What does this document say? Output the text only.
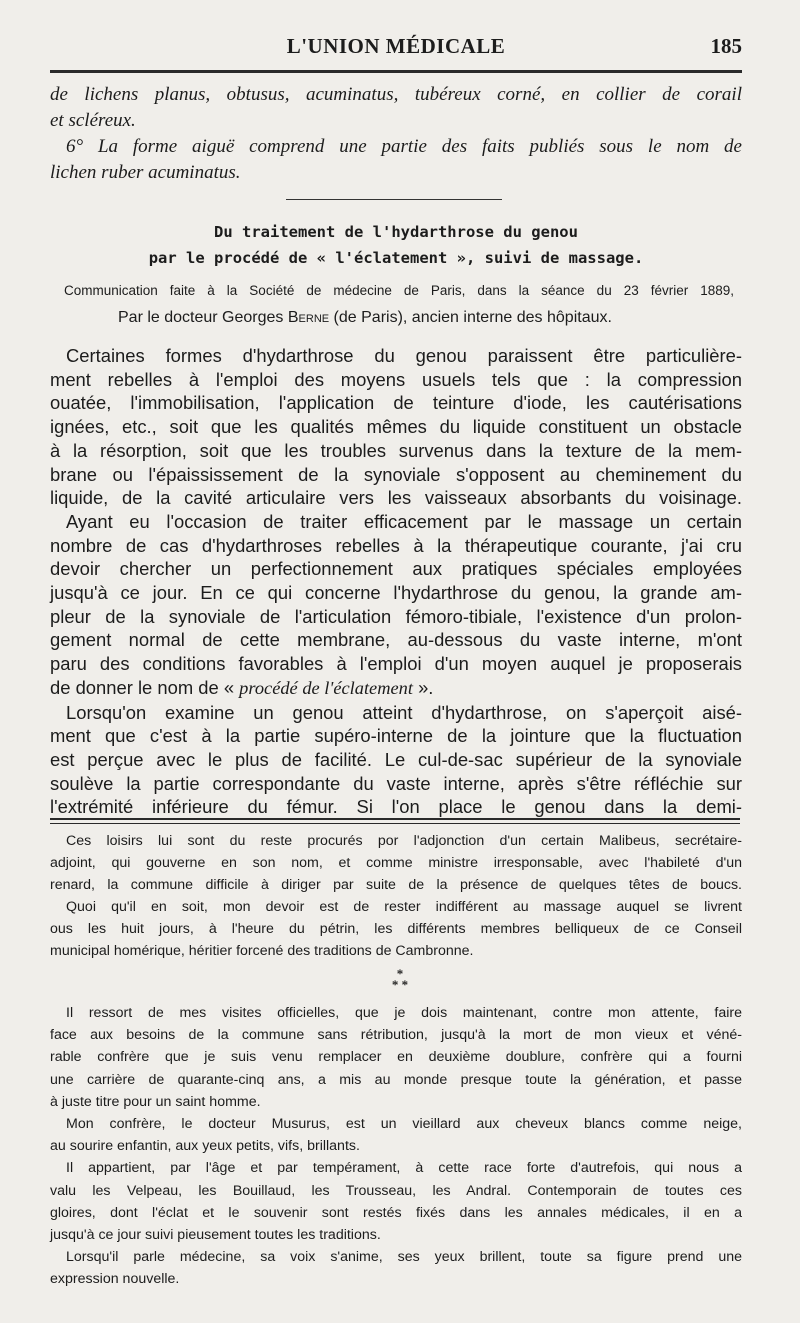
L'UNION MÉDICALE	185
de lichens planus, obtusus, acuminatus, tubéreux corné, en collier de corail
et scléreux.
6° La forme aiguë comprend une partie des faits publiés sous le nom de
lichen ruber acuminatus.
Du traitement de l'hydarthrose du genou
par le procédé de « l'éclatement », suivi de massage.
Communication faite à la Société de médecine de Paris, dans la séance du 23 février 1889,
Par le docteur Georges Berne (de Paris), ancien interne des hôpitaux.
Certaines formes d'hydarthrose du genou paraissent être particulière-
ment rebelles à l'emploi des moyens usuels tels que : la compression
ouatée, l'immobilisation, l'application de teinture d'iode, les cautérisations
ignées, etc., soit que les qualités mêmes du liquide constituent un obstacle
à la résorption, soit que les troubles survenus dans la texture de la mem-
brane ou l'épaississement de la synoviale s'opposent au cheminement du
liquide, de la cavité articulaire vers les vaisseaux absorbants du voisinage.
Ayant eu l'occasion de traiter efficacement par le massage un certain
nombre de cas d'hydarthroses rebelles à la thérapeutique courante, j'ai cru
devoir chercher un perfectionnement aux pratiques spéciales employées
jusqu'à ce jour. En ce qui concerne l'hydarthrose du genou, la grande am-
pleur de la synoviale de l'articulation fémoro-tibiale, l'existence d'un prolon-
gement normal de cette membrane, au-dessous du vaste interne, m'ont
paru des conditions favorables à l'emploi d'un moyen auquel je proposerais
de donner le nom de « procédé de l'éclatement ».
Lorsqu'on examine un genou atteint d'hydarthrose, on s'aperçoit aisé-
ment que c'est à la partie supéro-interne de la jointure que la fluctuation
est perçue avec le plus de facilité. Le cul-de-sac supérieur de la synoviale
soulève la partie correspondante du vaste interne, après s'être réfléchie sur
l'extrémité inférieure du fémur. Si l'on place le genou dans la demi-
Ces loisirs lui sont du reste procurés por l'adjonction d'un certain Malibeus, secrétaire-
adjoint, qui gouverne en son nom, et comme ministre irresponsable, avec l'habileté d'un
renard, la commune difficile à diriger par suite de la présence de quelques têtes de boucs.
Quoi qu'il en soit, mon devoir est de rester indifférent au massage auquel se livrent
ous les huit jours, à l'heure du pétrin, les différents membres belliqueux de ce Conseil
municipal homérique, héritier forcené des traditions de Cambronne.
*
* *
Il ressort de mes visites officielles, que je dois maintenant, contre mon attente, faire
face aux besoins de la commune sans rétribution, jusqu'à la mort de mon vieux et véné-
rable confrère que je suis venu remplacer en deuxième doublure, confrère qui a fourni
une carrière de quarante-cinq ans, a mis au monde presque toute la génération, et passe
à juste titre pour un saint homme.
Mon confrère, le docteur Musurus, est un vieillard aux cheveux blancs comme neige,
au sourire enfantin, aux yeux petits, vifs, brillants.
Il appartient, par l'âge et par tempérament, à cette race forte d'autrefois, qui nous a
valu les Velpeau, les Bouillaud, les Trousseau, les Andral. Contemporain de toutes ces
gloires, dont l'éclat et le souvenir sont restés fixés dans les annales médicales, il en a
jusqu'à ce jour suivi pieusement toutes les traditions.
Lorsqu'il parle médecine, sa voix s'anime, ses yeux brillent, toute sa figure prend une
expression nouvelle.
